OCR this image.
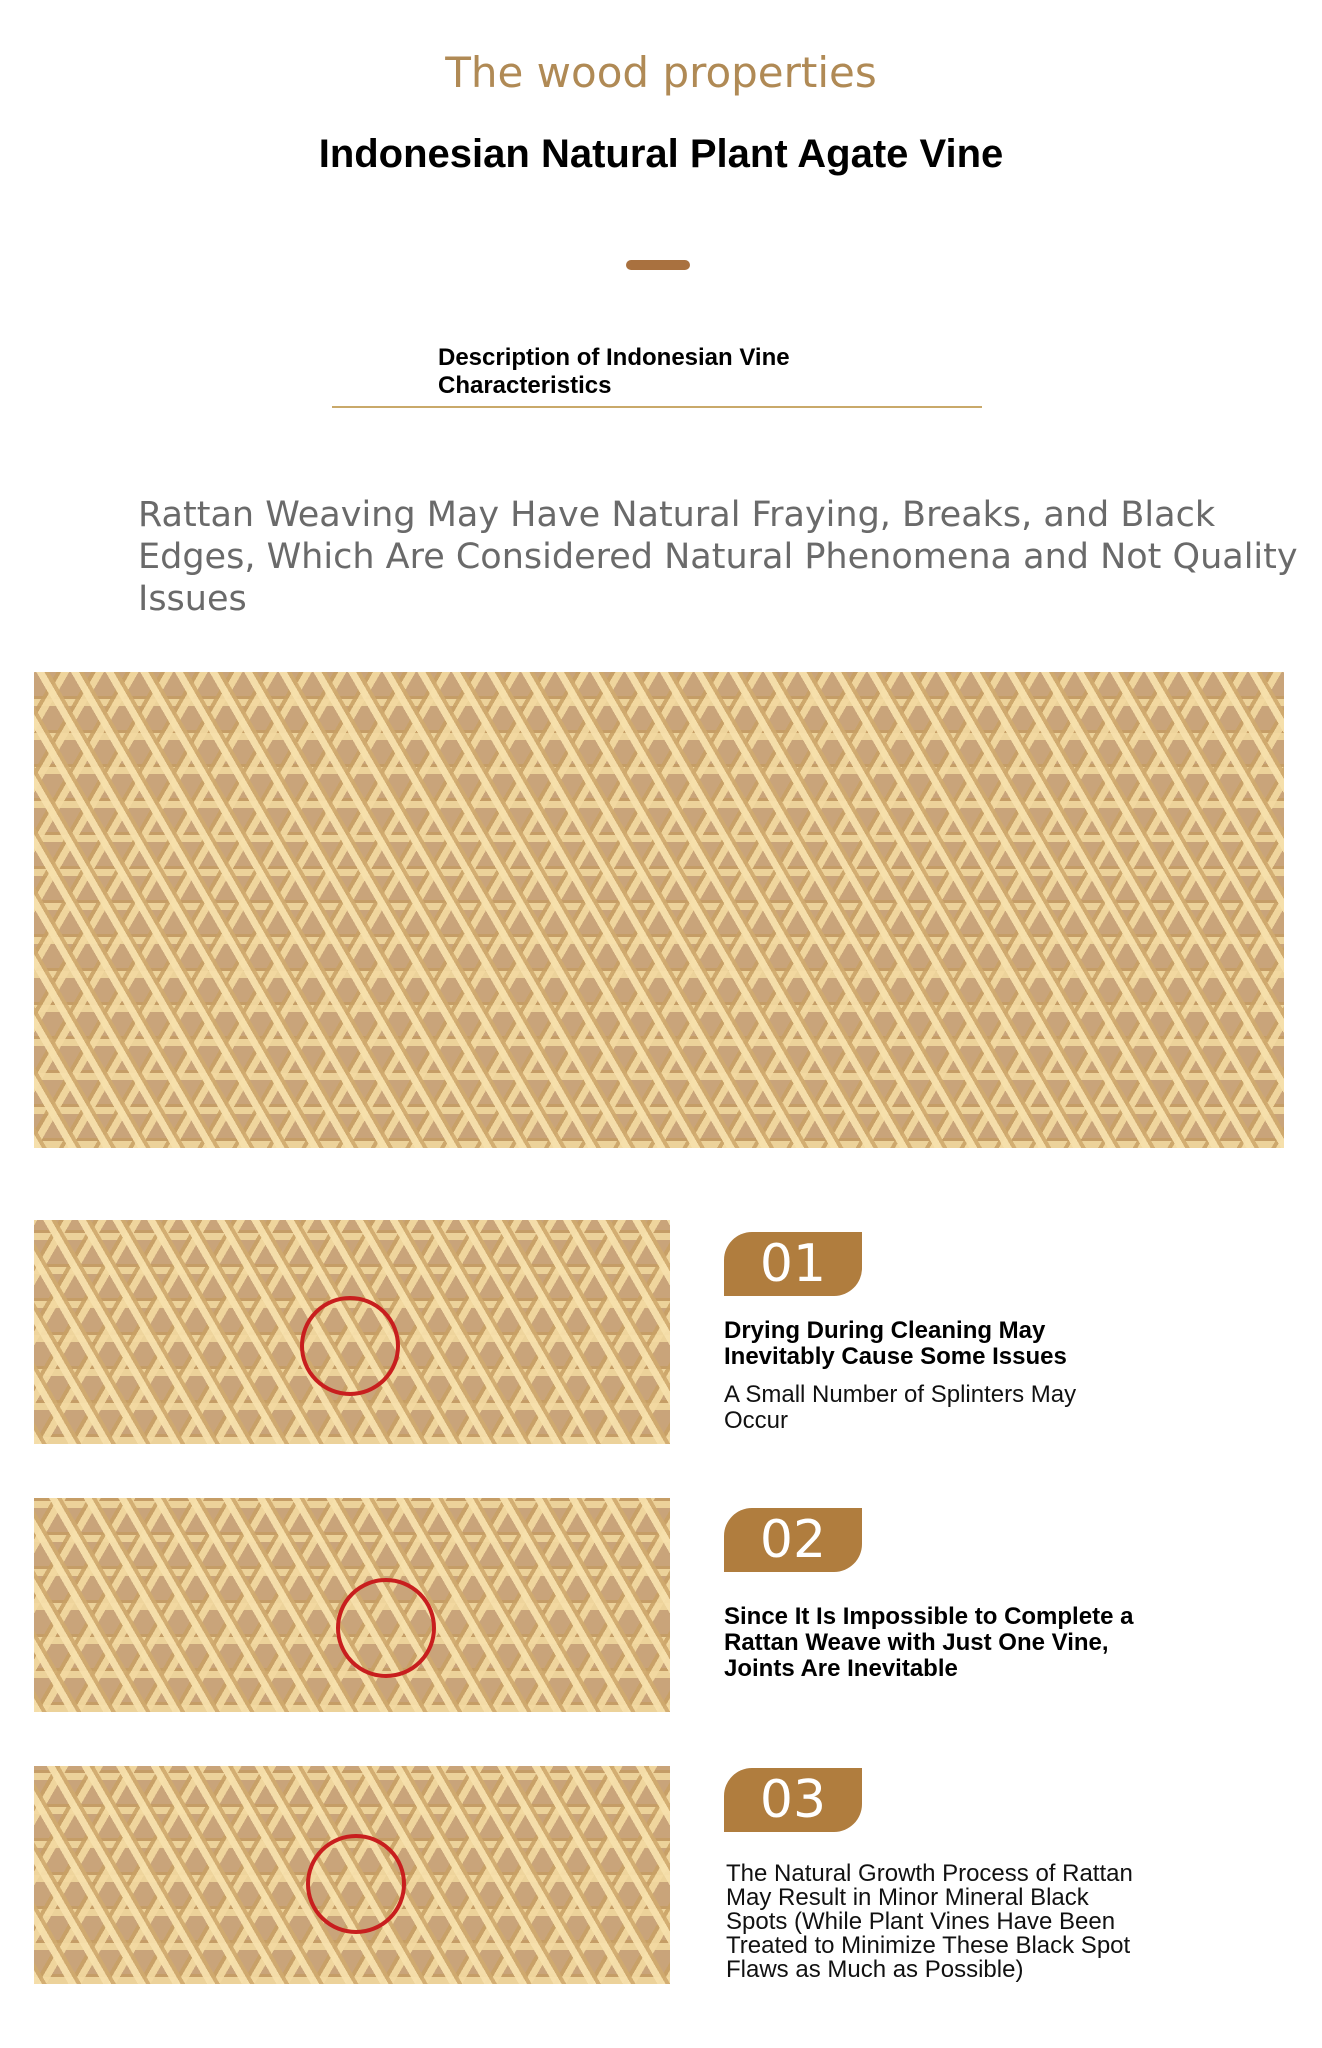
The wood properties
Indonesian Natural Plant Agate Vine
Description of Indonesian Vine Characteristics
Rattan Weaving May Have Natural Fraying, Breaks, and Black Edges, Which Are Considered Natural Phenomena and Not Quality Issues
01
Drying During Cleaning May Inevitably Cause Some Issues
A Small Number of Splinters May Occur
02
Since It Is Impossible to Complete a Rattan Weave with Just One Vine, Joints Are Inevitable
03
The Natural Growth Process of Rattan May Result in Minor Mineral Black Spots (While Plant Vines Have Been Treated to Minimize These Black Spot Flaws as Much as Possible)
